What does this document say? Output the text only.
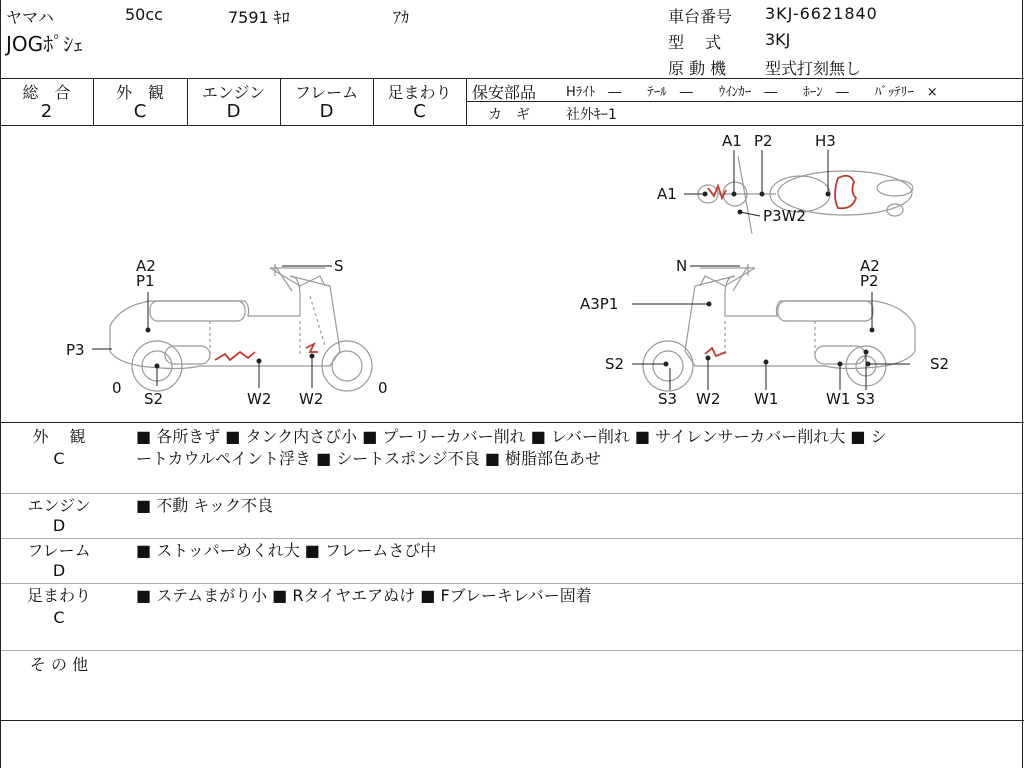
ヤマハ	50cc	7591 ｷﾛ	ｱｶ
JOGﾎﾟｼｪ
車台番号 3KJ-6621840
型　 式	3KJ
原 動 機 型式打刻無し
総　合
2
外　観
C
エンジン
D
フレーム
D
足まわり
C
保安部品 Hﾗｲﾄ　―　　ﾃｰﾙ　―　　ｳｲﾝｶｰ　―　　ﾎｰﾝ　―　　ﾊﾞｯﾃﾘｰ　×
カ　ギ	社外ｷｰ1
A1 P2	H3
A1
P3W2
A2
P1
S
P3
0
S2	W2 W2
0
N	A2
P2
A3P1
S2	S2
S3 W2 W1	W1 S3
外　 観
C
■ 各所きず ■ タンク内さび小 ■ プーリーカバー削れ ■ レバー削れ ■ サイレンサーカバー削れ大 ■ シ
ートカウルペイント浮き ■ シートスポンジ不良 ■ 樹脂部色あせ
エンジン
D
■ 不動 キック不良
フレーム
D
■ ストッパーめくれ大 ■ フレームさび中
足まわり
C
■ ステムまがり小 ■ Rタイヤエアぬけ ■ Fブレーキレバー固着
そ の 他
